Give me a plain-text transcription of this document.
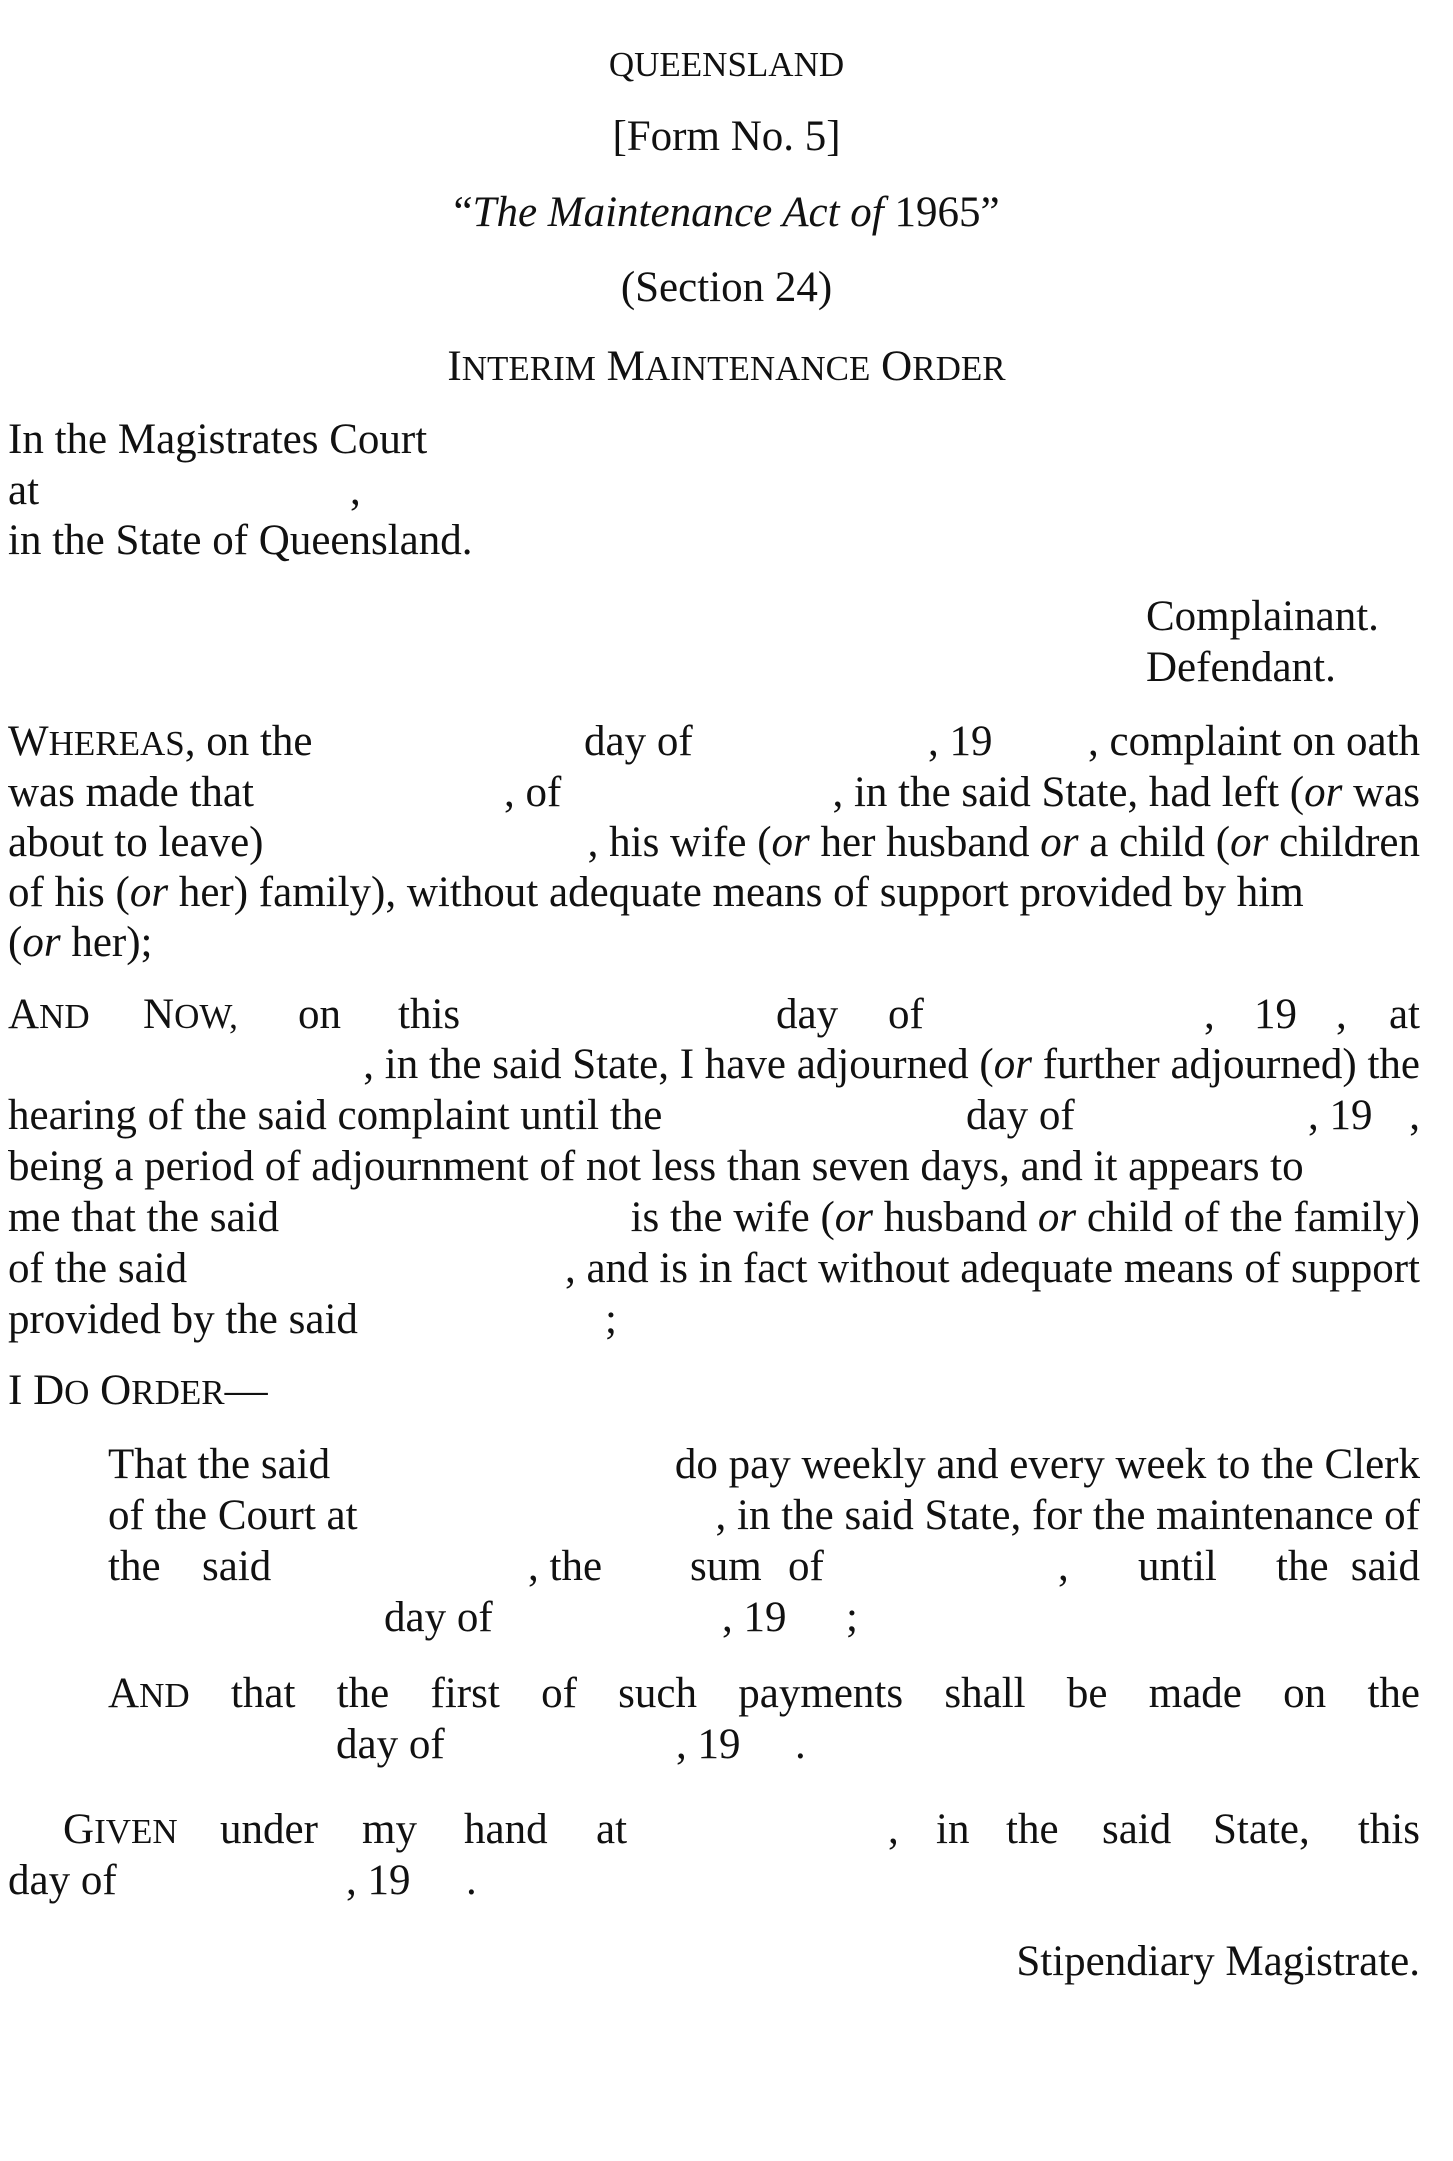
QUEENSLAND
[Form No. 5]
“The Maintenance Act of 1965”
(Section 24)
INTERIM MAINTENANCE ORDER
In the Magistrates Court
at	,
in the State of Queensland.
Complainant.
Defendant.
WHEREAS, on the	day of	, 19 , complaint on oath
was made that	, of	, in the said State, had left (or was
about to leave)	, his wife (or her husband or a child (or children
of his (or her) family), without adequate means of support provided by him
(or her);
AND NOW, on this	day of	, 19 , at
, in the said State, I have adjourned (or further adjourned) the
hearing of the said complaint until the	day of	, 19 ,
being a period of adjournment of not less than seven days, and it appears to
me that the said	is the wife (or husband or child of the family)
of the said	, and is in fact without adequate means of support
provided by the said	;
I DO ORDER—
That the said	do pay weekly and every week to the Clerk
of the Court at	, in the said State, for the maintenance of
the said	, the sum of	, until the said
day of	, 19 ;
AND that the first of such payments shall be made on the
day of	, 19 .
GIVEN under my hand at	, in the said State, this
day of	, 19 .
Stipendiary Magistrate.
